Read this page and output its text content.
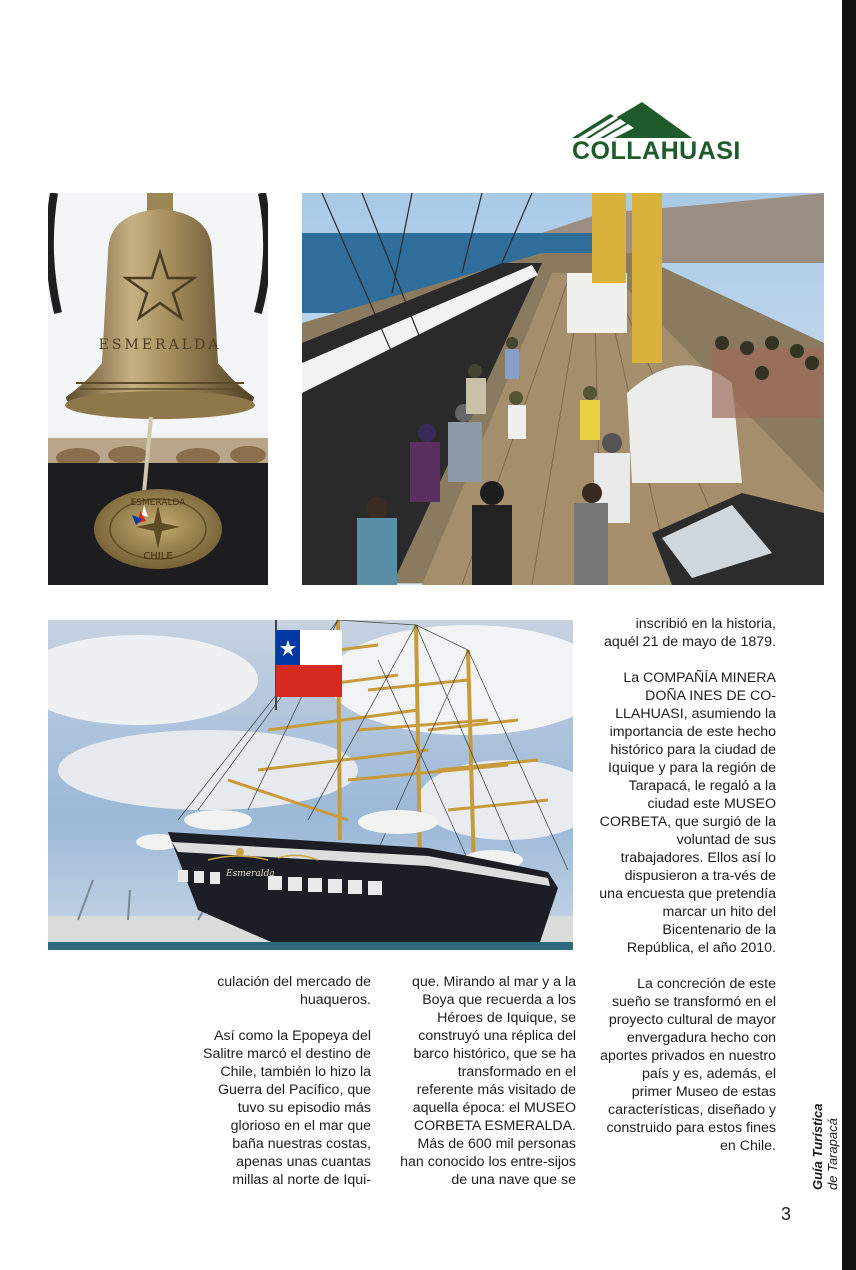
COLLAHUASI
ESMERALDA
ESMERALDA
CHILE
Esmeralda

inscribió en la historia, aquél 21 de mayo de 1879.

La COMPAÑÍA MINERA DOÑA INES DE CO-LLAHUASI, asumiendo la importancia de este hecho histórico para la ciudad de Iquique y para la región de Tarapacá, le regaló a la ciudad este MUSEO CORBETA, que surgió de la voluntad de sus trabajadores. Ellos así lo dispusieron a tra-vés de una encuesta que pretendía marcar un hito del Bicentenario de la República, el año 2010.

La concreción de este sueño se transformó en el proyecto cultural de mayor envergadura hecho con aportes privados en nuestro país y es, además, el primer Museo de estas características, diseñado y construido para estos fines en Chile.

culación del mercado de huaqueros.

Así como la Epopeya del Salitre marcó el destino de Chile, también lo hizo la Guerra del Pacífico, que tuvo su episodio más glorioso en el mar que baña nuestras costas, apenas unas cuantas millas al norte de Iqui-

que. Mirando al mar y a la Boya que recuerda a los Héroes de Iquique, se construyó una réplica del barco histórico, que se ha transformado en el referente más visitado de aquella época: el MUSEO CORBETA ESMERALDA. Más de 600 mil personas han conocido los entre-sijos de una nave que se	Guía Turística
de Tarapacá
3
